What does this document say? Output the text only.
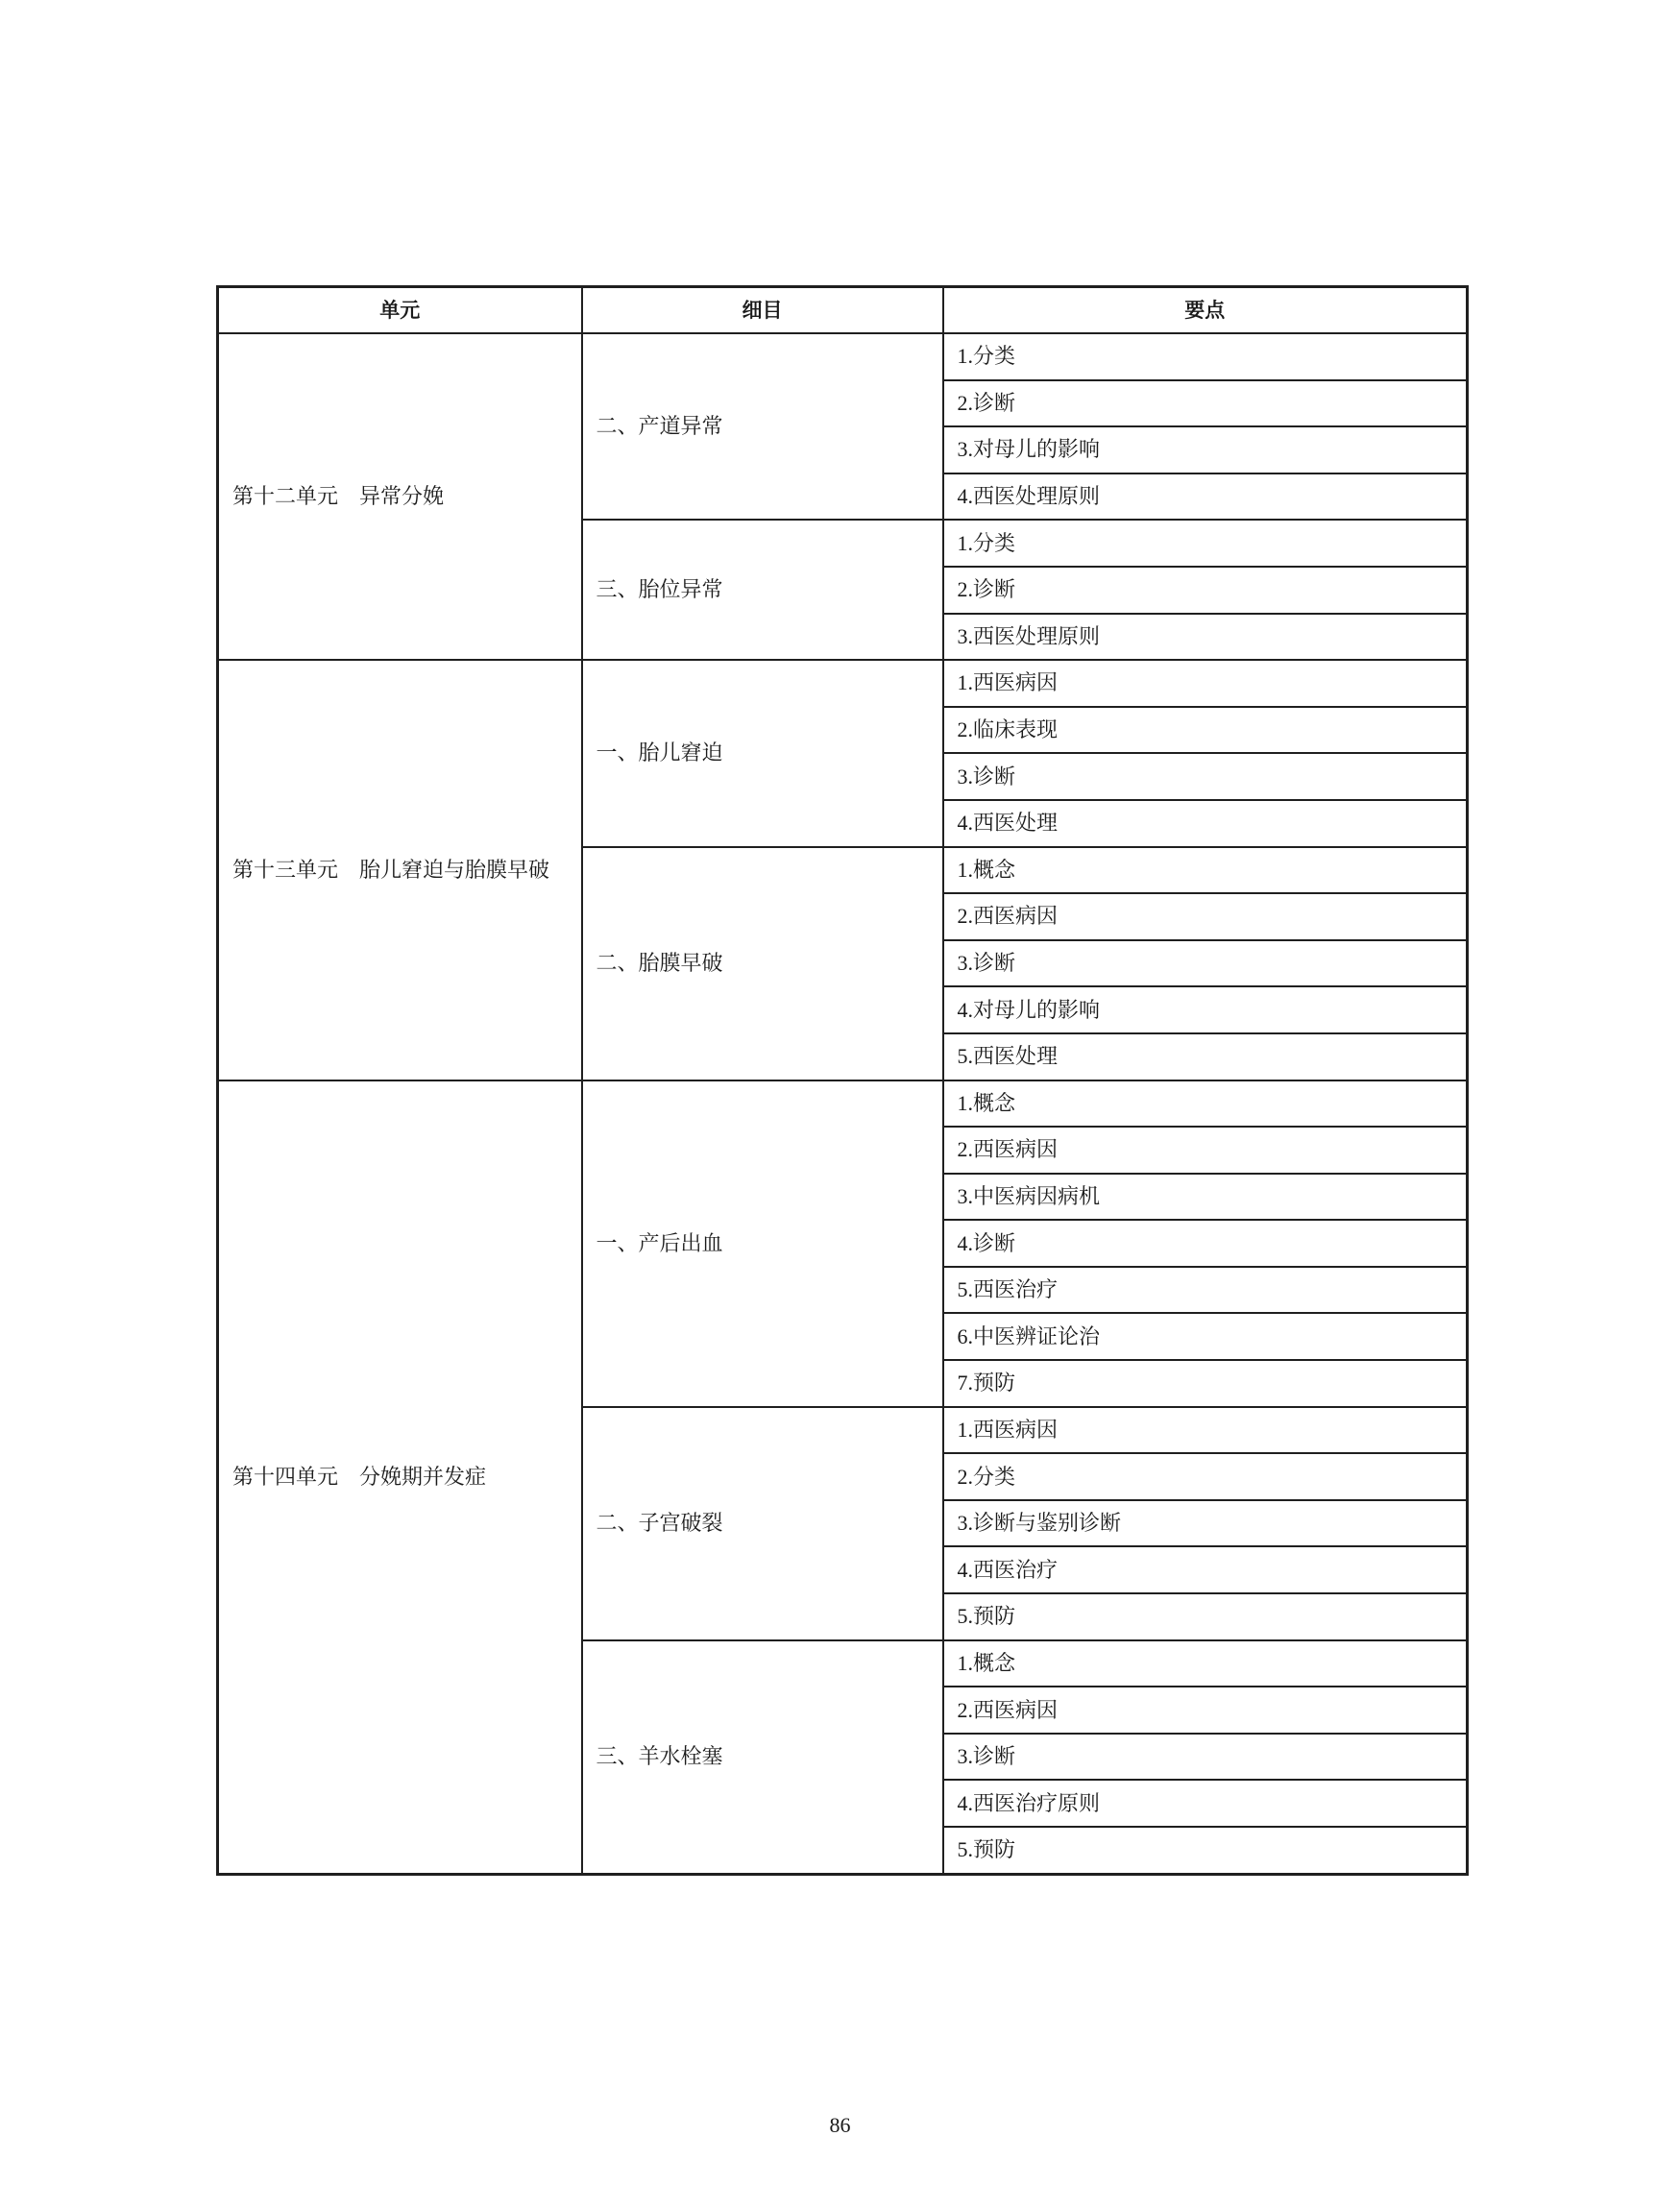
单元	细目	要点
第十二单元　异常分娩	二、产道异常	1.分类
		2.诊断
		3.对母儿的影响
		4.西医处理原则
	三、胎位异常	1.分类
		2.诊断
		3.西医处理原则
第十三单元　胎儿窘迫与胎膜早破	一、胎儿窘迫	1.西医病因
		2.临床表现
		3.诊断
		4.西医处理
	二、胎膜早破	1.概念
		2.西医病因
		3.诊断
		4.对母儿的影响
		5.西医处理
第十四单元　分娩期并发症	一、产后出血	1.概念
		2.西医病因
		3.中医病因病机
		4.诊断
		5.西医治疗
		6.中医辨证论治
		7.预防
	二、子宫破裂	1.西医病因
		2.分类
		3.诊断与鉴别诊断
		4.西医治疗
		5.预防
	三、羊水栓塞	1.概念
		2.西医病因
		3.诊断
		4.西医治疗原则
		5.预防
86
